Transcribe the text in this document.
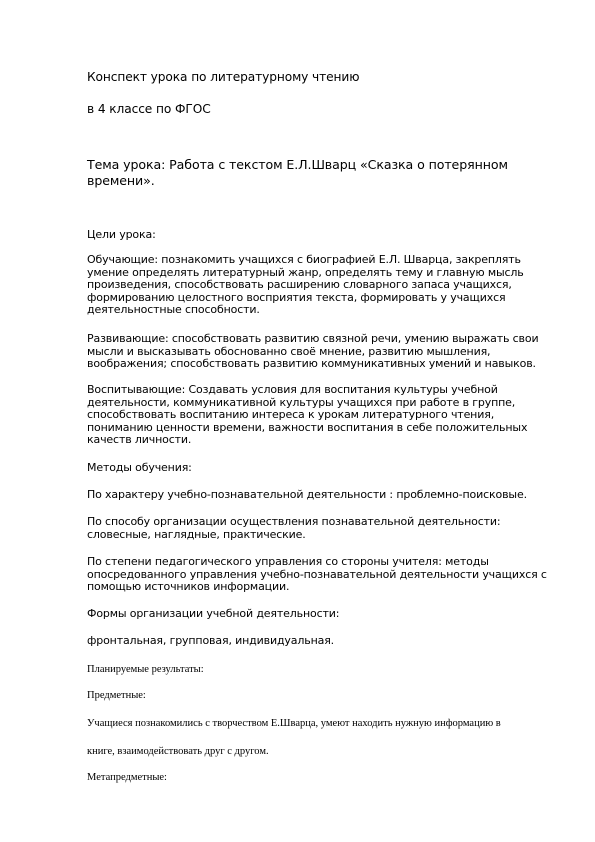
Конспект урока по литературному чтению

в 4 классе по ФГОС

Тема урока: Работа с текстом Е.Л.Шварц «Сказка о потерянном времени».

Цели урока:

Обучающие: познакомить учащихся с биографией Е.Л. Шварца, закреплять умение определять литературный жанр, определять тему и главную мысль произведения, способствовать расширению словарного запаса учащихся, формированию целостного восприятия текста, формировать у учащихся деятельностные способности.

Развивающие: способствовать развитию связной речи, умению выражать свои мысли и высказывать обоснованно своё мнение, развитию мышления, воображения; способствовать развитию коммуникативных умений и навыков.

Воспитывающие: Создавать условия для воспитания культуры учебной деятельности, коммуникативной культуры учащихся при работе в группе, способствовать воспитанию интереса к урокам литературного чтения, пониманию ценности времени, важности воспитания в себе положительных качеств личности.

Методы обучения:

По характеру учебно-познавательной деятельности : проблемно-поисковые.

По способу организации осуществления познавательной деятельности: словесные, наглядные, практические.

По степени педагогического управления со стороны учителя: методы опосредованного управления учебно-познавательной деятельности учащихся с помощью источников информации.

Формы организации учебной деятельности:

фронтальная, групповая, индивидуальная.

Планируемые результаты:

Предметные:

Учащиеся познакомились с творчеством Е.Шварца, умеют находить нужную информацию в

книге, взаимодействовать друг с другом.

Метапредметные:
